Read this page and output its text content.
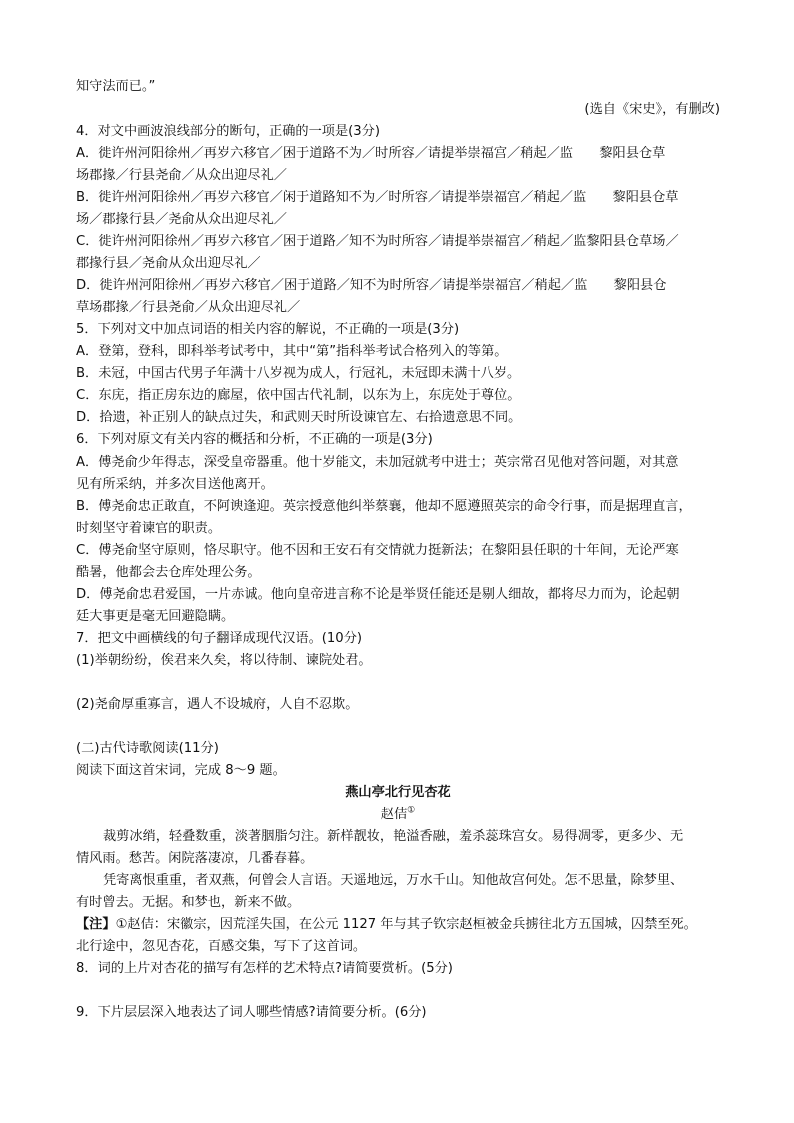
知守法而已。”
(选自《宋史》，有删改)
4．对文中画波浪线部分的断句，正确的一项是(3分)
A．徙许州河阳徐州／再岁六移官／困于道路不为／时所容／请提举崇福宫／稍起／监　　黎阳县仓草
场郡掾／行县尧俞／从众出迎尽礼／
B．徙许州河阳徐州／再岁六移官／闲于道路知不为／时所容／请提举崇福宫／稍起／监　　黎阳县仓草
场／郡掾行县／尧俞从众出迎尽礼／
C．徙许州河阳徐州／再岁六移官／困于道路／知不为时所容／请提举崇福宫／稍起／监黎阳县仓草场／
郡掾行县／尧俞从众出迎尽礼／
D．徙许州河阳徐州／再岁六移官／困于道路／知不为时所容／请提举崇福宫／稍起／监　　黎阳县仓
草场郡掾／行县尧俞／从众出迎尽礼／
5．下列对文中加点词语的相关内容的解说，不正确的一项是(3分)
A．登第，登科，即科举考试考中，其中“第”指科举考试合格列入的等第。
B．未冠，中国古代男子年满十八岁视为成人，行冠礼，未冠即未满十八岁。
C．东庑，指正房东边的廊屋，依中国古代礼制，以东为上，东庑处于尊位。
D．拾遗，补正别人的缺点过失，和武则天时所设谏官左、右拾遗意思不同。
6．下列对原文有关内容的概括和分析，不正确的一项是(3分)
A．傅尧俞少年得志，深受皇帝器重。他十岁能文，未加冠就考中进士；英宗常召见他对答问题，对其意
见有所采纳，并多次目送他离开。
B．傅尧俞忠正敢直，不阿谀逢迎。英宗授意他纠举蔡襄，他却不愿遵照英宗的命令行事，而是据理直言，
时刻坚守着谏官的职责。
C．傅尧俞坚守原则，恪尽职守。他不因和王安石有交情就力挺新法；在黎阳县任职的十年间，无论严寒
酷暑，他都会去仓库处理公务。
D．傅尧俞忠君爱国，一片赤诚。他向皇帝进言称不论是举贤任能还是剔人细故，都将尽力而为，论起朝
廷大事更是毫无回避隐瞒。
7．把文中画横线的句子翻译成现代汉语。(10分)
(1)举朝纷纷，俟君来久矣，将以待制、谏院处君。
(2)尧俞厚重寡言，遇人不设城府，人自不忍欺。
(二)古代诗歌阅读(11分)
阅读下面这首宋词，完成 8～9 题。
燕山亭北行见杏花
赵佶①
裁剪冰绡，轻叠数重，淡著胭脂匀注。新样靓妆，艳溢香融，羞杀蕊珠宫女。易得凋零，更多少、无
情风雨。愁苦。闲院落凄凉，几番春暮。
凭寄离恨重重，者双燕，何曾会人言语。天遥地远，万水千山。知他故宫何处。怎不思量，除梦里、
有时曾去。无据。和梦也，新来不做。
【注】①赵佶：宋徽宗，因荒淫失国，在公元 1127 年与其子钦宗赵桓被金兵掳往北方五国城，囚禁至死。
北行途中，忽见杏花，百感交集，写下了这首词。
8．词的上片对杏花的描写有怎样的艺术特点?请简要赏析。(5分)
9．下片层层深入地表达了词人哪些情感?请简要分析。(6分)
